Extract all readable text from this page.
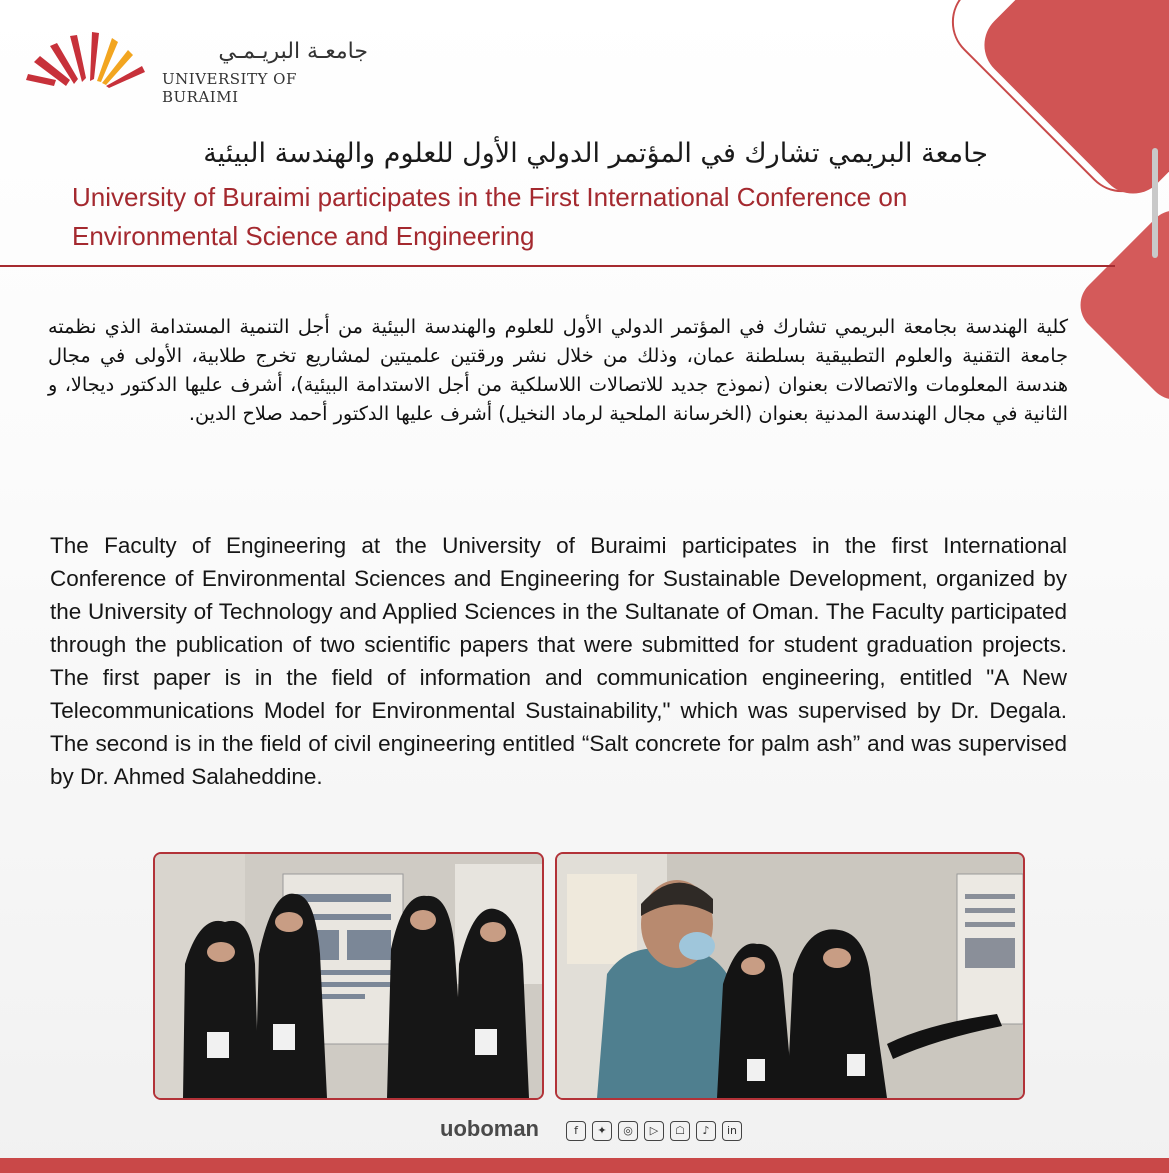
جامعـة البريـمـي
UNIVERSITY OF BURAIMI
جامعة البريمي تشارك في المؤتمر الدولي الأول للعلوم والهندسة البيئية
University of Buraimi participates in the First International Conference on Environmental Science and Engineering
كلية الهندسة بجامعة البريمي تشارك في المؤتمر الدولي الأول للعلوم والهندسة البيئية من أجل التنمية المستدامة الذي نظمته جامعة التقنية والعلوم التطبيقية بسلطنة عمان، وذلك من خلال نشر ورقتين علميتين لمشاريع تخرج طلابية، الأولى في مجال هندسة المعلومات والاتصالات بعنوان (نموذج جديد للاتصالات اللاسلكية من أجل الاستدامة البيئية)، أشرف عليها الدكتور ديجالا، و الثانية في مجال الهندسة المدنية بعنوان (الخرسانة الملحية لرماد النخيل) أشرف عليها الدكتور أحمد صلاح الدين.
The Faculty of Engineering at the University of Buraimi participates in the first International Conference of Environmental Sciences and Engineering for Sustainable Development, organized by the University of Technology and Applied Sciences in the Sultanate of Oman. The Faculty participated through the publication of two scientific papers that were submitted for student graduation projects. The first paper is in the field of information and communication engineering, entitled "A New Telecommunications Model for Environmental Sustainability," which was supervised by Dr. Degala. The second is in the field of civil engineering entitled “Salt concrete for palm ash” and was supervised by Dr. Ahmed Salaheddine.
uoboman	f	✦	◎	▷	☖	♪	in
